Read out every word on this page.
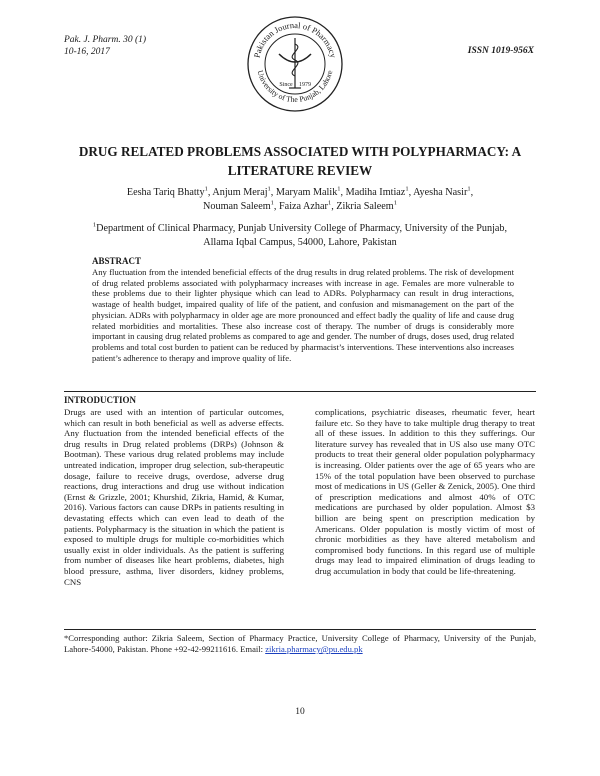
Pak. J. Pharm. 30 (1)
10-16, 2017	ISSN 1019-956X
Pakistan Journal of Pharmacy
University of The Punjab, Lahore
Since 1979
DRUG RELATED PROBLEMS ASSOCIATED WITH POLYPHARMACY: A
LITERATURE REVIEW
Eesha Tariq Bhatty$^1$, Anjum Meraj$^1$, Maryam Malik$^1$, Madiha Imtiaz$^1$, Ayesha Nasir$^1$,
Nouman Saleem$^1$, Faiza Azhar$^1$, Zikria Saleem$^1$
$^1$Department of Clinical Pharmacy, Punjab University College of Pharmacy, University of the Punjab,
Allama Iqbal Campus, 54000, Lahore, Pakistan
ABSTRACT
Any fluctuation from the intended beneficial effects of the drug results in drug related problems. The risk of development of drug related problems associated with polypharmacy increases with increase in age. Females are more vulnerable to these problems due to their lighter physique which can lead to ADRs. Polypharmacy can result in drug interactions, wastage of health budget, impaired quality of life of the patient, and confusion and mismanagement on the part of the physician. ADRs with polypharmacy in older age are more pronounced and effect badly the quality of life and cause drug related morbidities and mortalities. These also increase cost of therapy. The number of drugs is considerably more important in causing drug related problems as compared to age and gender. The number of drugs, doses used, drug related problems and total cost burden to patient can be reduced by pharmacist’s interventions. These interventions also increases patient’s adherence to therapy and improve quality of life.
INTRODUCTION
Drugs are used with an intention of particular outcomes, which can result in both beneficial as well as adverse effects. Any fluctuation from the intended beneficial effects of the drug results in Drug related problems (DRPs) (Johnson & Bootman). These various drug related problems may include untreated indication, improper drug selection, sub-therapeutic dosage, failure to receive drugs, overdose, adverse drug reactions, drug interactions and drug use without indication (Ernst & Grizzle, 2001; Khurshid, Zikria, Hamid, & Kumar, 2016). Various factors can cause DRPs in patients resulting in devastating effects which can even lead to death of the patients. Polypharmacy is the situation in which the patient is exposed to multiple drugs for multiple co-morbidities which usually exist in older individuals. As the patient is suffering from number of diseases like heart problems, diabetes, high blood pressure, asthma, liver disorders, kidney problems, CNS
complications, psychiatric diseases, rheumatic fever, heart failure etc. So they have to take multiple drug therapy to treat all of these issues. In addition to this they sufferings. Our literature survey has revealed that in US also use many OTC products to treat their general older population polypharmacy is increasing. Older patients over the age of 65 years who are 15% of the total population have been observed to purchase most of medications in US (Geller & Zenick, 2005). One third of prescription medications and almost 40% of OTC medications are purchased by older population. Almost $3 billion are being spent on prescription medication by Americans. Older population is mostly victim of most of chronic morbidities as they have altered metabolism and compromised body functions. In this regard use of multiple drugs may lead to impaired elimination of drugs leading to drug accumulation in body that could be life-threatening.
*Corresponding author: Zikria Saleem, Section of Pharmacy Practice, University College of Pharmacy, University of the Punjab, Lahore-54000, Pakistan. Phone +92-42-99211616. Email: zikria.pharmacy@pu.edu.pk
10
